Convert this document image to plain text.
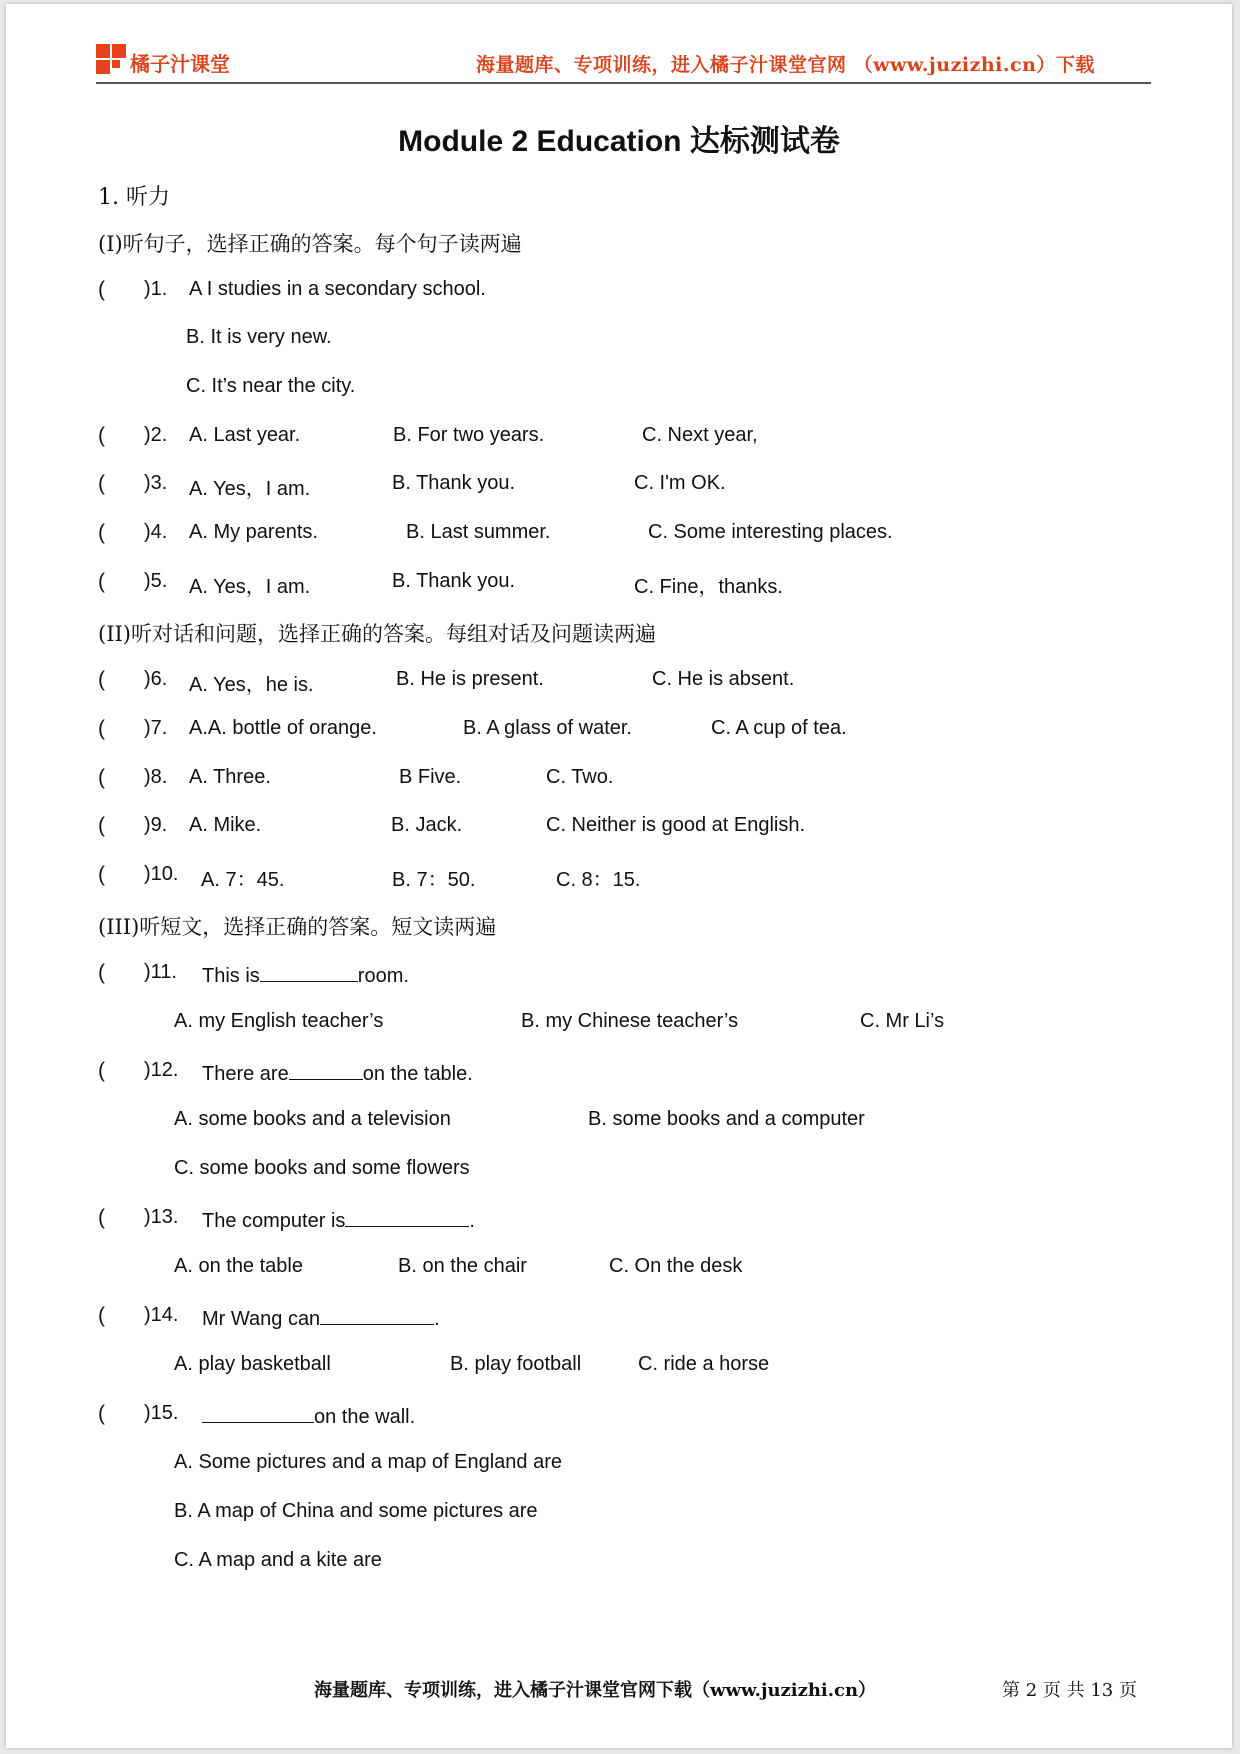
橘子汁课堂	海量题库、专项训练，进入橘子汁课堂官网 （www.juzizhi.cn）下载
Module 2 Education 达标测试卷
1. 听力
(I)听句子，选择正确的答案。每个句子读两遍
( )1. A I studies in a secondary school.
B. It is very new.
C. It’s near the city.
( )2. A. Last year.	B. For two years.	C. Next year,
( )3. A. Yes，I am.	B. Thank you.	C. I'm OK.
( )4. A. My parents.	B. Last summer.	C. Some interesting places.
( )5. A. Yes，I am.	B. Thank you.	C. Fine，thanks.
(II)听对话和问题，选择正确的答案。每组对话及问题读两遍
( )6. A. Yes，he is.	B. He is present.	C. He is absent.
( )7. A.A. bottle of orange.	B. A glass of water.	C. A cup of tea.
( )8. A. Three.	B Five.	C. Two.
( )9. A. Mike.	B. Jack.	C. Neither is good at English.
( )10. A. 7：45.	B. 7：50.	C. 8：15.
(III)听短文，选择正确的答案。短文读两遍
( )11. This is	room.
A. my English teacher’s	B. my Chinese teacher’s	C. Mr Li’s
( )12. There are	on the table.
A. some books and a television	B. some books and a computer
C. some books and some flowers
( )13. The computer is	.
A. on the table	B. on the chair	C. On the desk
( )14. Mr Wang can	.
A. play basketball	B. play football	C. ride a horse
( )15.	on the wall.
A. Some pictures and a map of England are
B. A map of China and some pictures are
C. A map and a kite are
海量题库、专项训练，进入橘子汁课堂官网下载（www.juzizhi.cn）	第 2 页 共 13 页
